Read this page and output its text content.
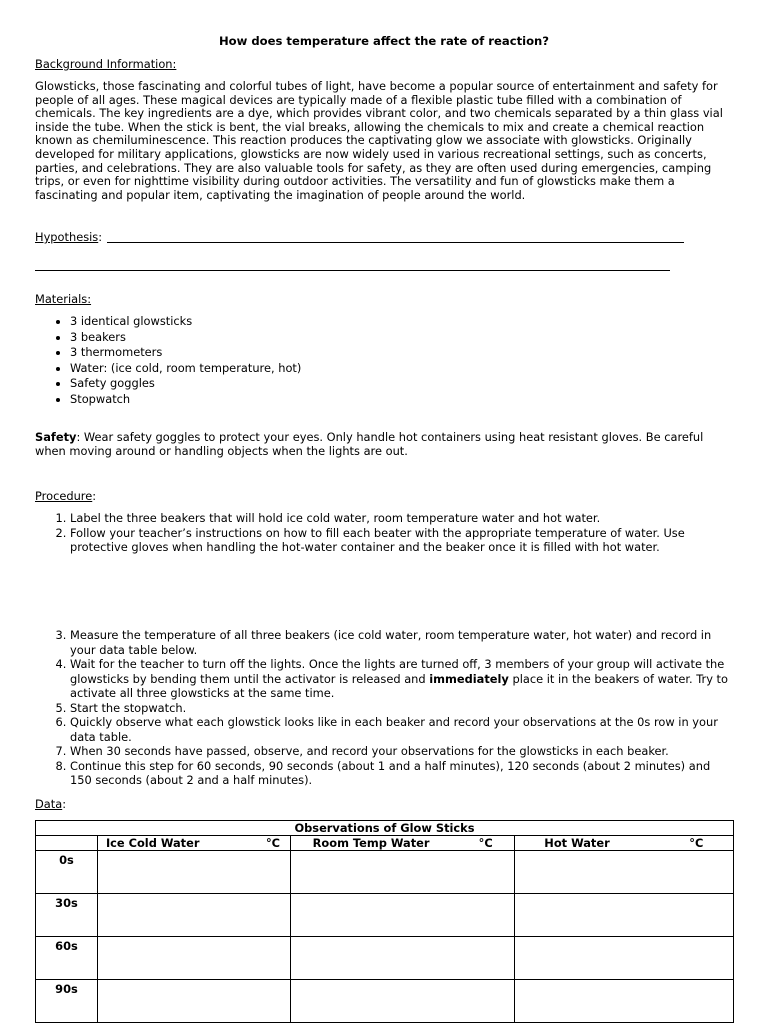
How does temperature affect the rate of reaction?
Background Information:
Glowsticks, those fascinating and colorful tubes of light, have become a popular source of entertainment and safety for people of all ages. These magical devices are typically made of a flexible plastic tube filled with a combination of chemicals. The key ingredients are a dye, which provides vibrant color, and two chemicals separated by a thin glass vial inside the tube. When the stick is bent, the vial breaks, allowing the chemicals to mix and create a chemical reaction known as chemiluminescence. This reaction produces the captivating glow we associate with glowsticks. Originally developed for military applications, glowsticks are now widely used in various recreational settings, such as concerts, parties, and celebrations. They are also valuable tools for safety, as they are often used during emergencies, camping trips, or even for nighttime visibility during outdoor activities. The versatility and fun of glowsticks make them a fascinating and popular item, captivating the imagination of people around the world.
Hypothesis:
Materials:
• 3 identical glowsticks
• 3 beakers
• 3 thermometers
• Water: (ice cold, room temperature, hot)
• Safety goggles
• Stopwatch
Safety: Wear safety goggles to protect your eyes. Only handle hot containers using heat resistant gloves. Be careful when moving around or handling objects when the lights are out.
Procedure:
1. Label the three beakers that will hold ice cold water, room temperature water and hot water.
2. Follow your teacher’s instructions on how to fill each beater with the appropriate temperature of water. Use protective gloves when handling the hot-water container and the beaker once it is filled with hot water.
3. Measure the temperature of all three beakers (ice cold water, room temperature water, hot water) and record in your data table below.
4. Wait for the teacher to turn off the lights. Once the lights are turned off, 3 members of your group will activate the glowsticks by bending them until the activator is released and immediately place it in the beakers of water. Try to activate all three glowsticks at the same time.
5. Start the stopwatch.
6. Quickly observe what each glowstick looks like in each beaker and record your observations at the 0s row in your data table.
7. When 30 seconds have passed, observe, and record your observations for the glowsticks in each beaker.
8. Continue this step for 60 seconds, 90 seconds (about 1 and a half minutes), 120 seconds (about 2 minutes) and 150 seconds (about 2 and a half minutes).
Data:
Observations of Glow Sticks			

	Ice Cold Water °C	Room Temp Water °C	Hot Water °C

0s			
30s			
60s			
90s			
